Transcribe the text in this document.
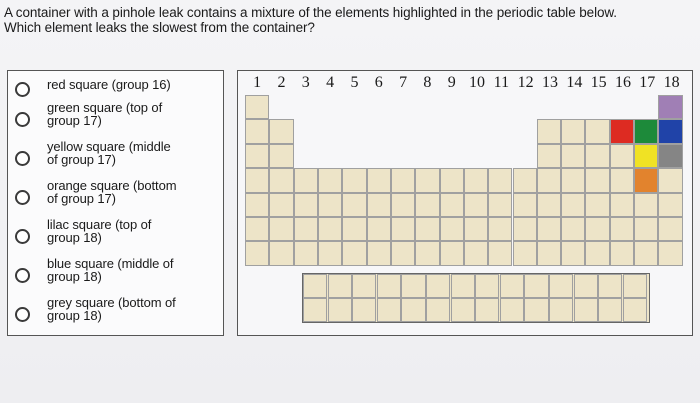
A container with a pinhole leak contains a mixture of the elements highlighted in the periodic table below.
Which element leaks the slowest from the container?
red square (group 16)
green square (top of
group 17)
yellow square (middle
of group 17)
orange square (bottom
of group 17)
lilac square (top of
group 18)
blue square (middle of
group 18)
grey square (bottom of
group 18)
1 2 3 4 5 6 7 8 9 10 11 12 13 14 15 16 17 18
